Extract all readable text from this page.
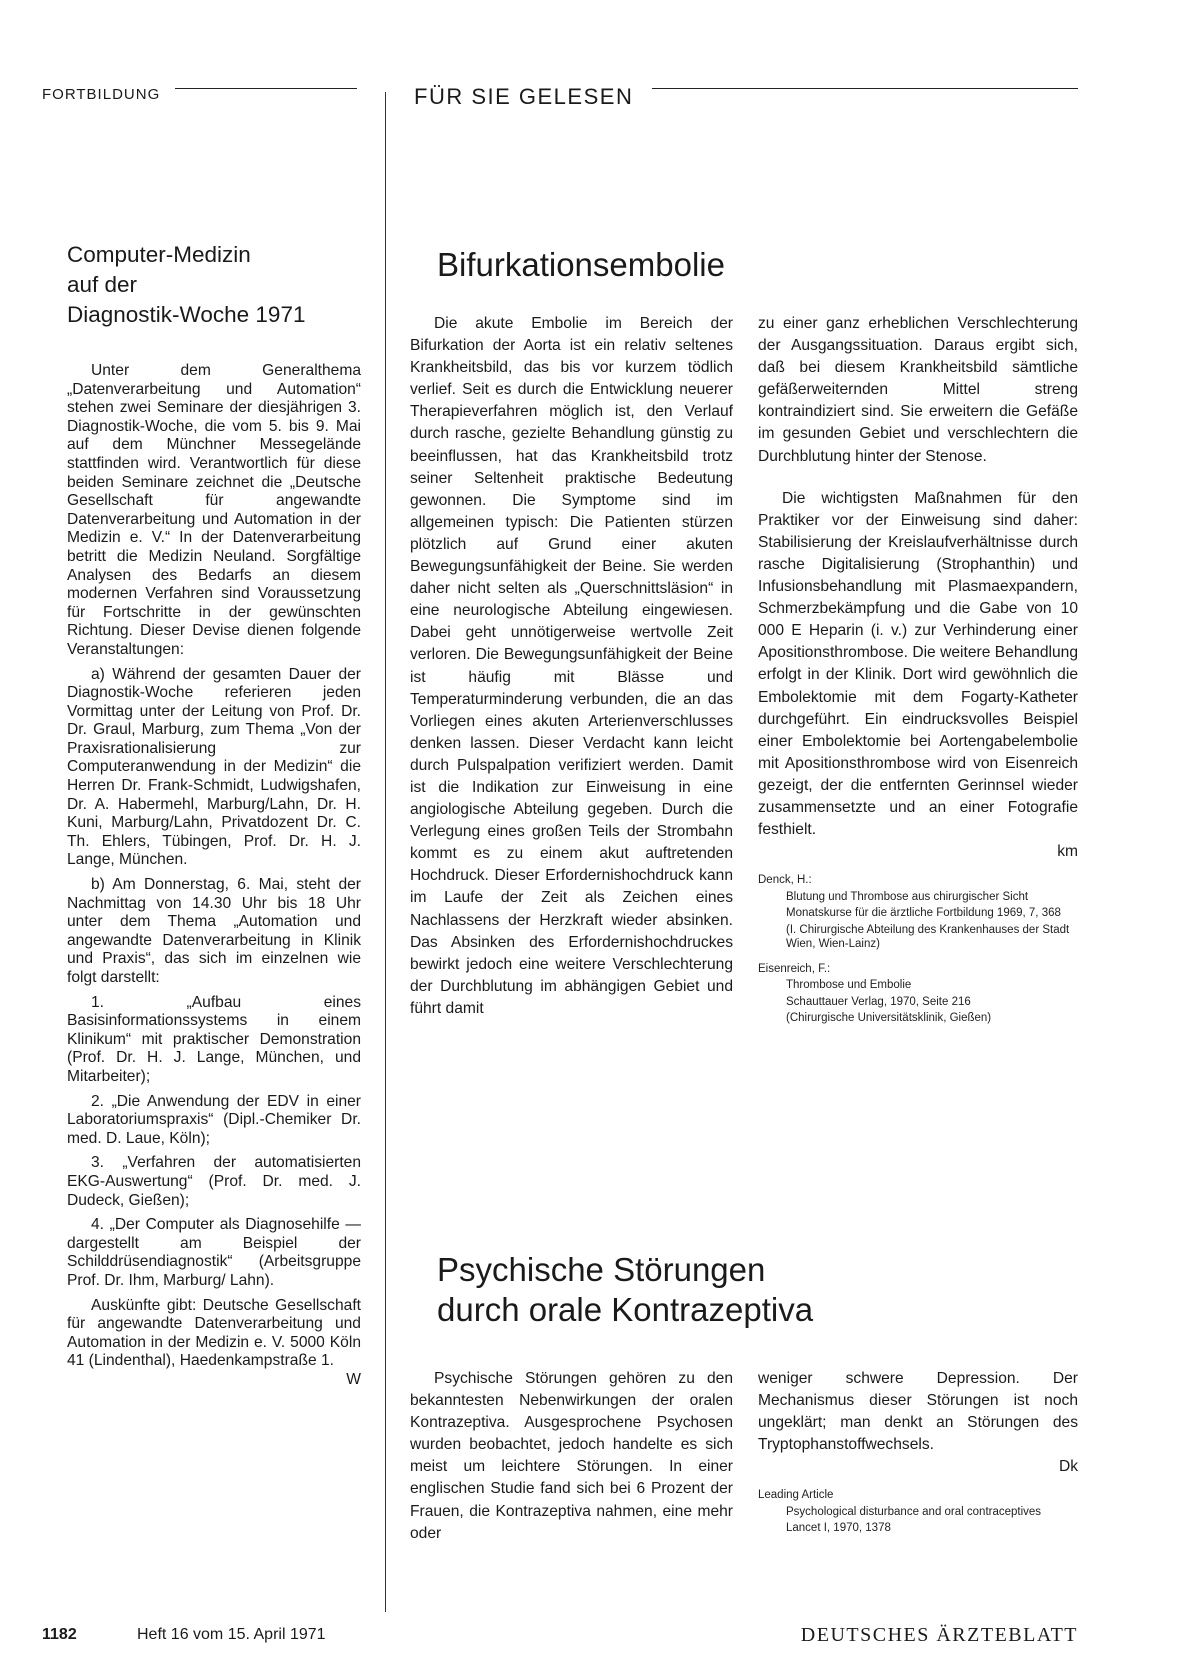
FORTBILDUNG	FÜR SIE GELESEN
Computer-Medizin
auf der
Diagnostik-Woche 1971

Unter dem Generalthema „Datenverarbeitung und Automation“ stehen zwei Seminare der diesjährigen 3. Diagnostik-Woche, die vom 5. bis 9. Mai auf dem Münchner Messegelände stattfinden wird. Verantwortlich für diese beiden Seminare zeichnet die „Deutsche Gesellschaft für angewandte Datenverarbeitung und Automation in der Medizin e. V.“ In der Datenverarbeitung betritt die Medizin Neuland. Sorgfältige Analysen des Bedarfs an diesem modernen Verfahren sind Voraussetzung für Fortschritte in der gewünschten Richtung. Dieser Devise dienen folgende Veranstaltungen:

a) Während der gesamten Dauer der Diagnostik-Woche referieren jeden Vormittag unter der Leitung von Prof. Dr. Dr. Graul, Marburg, zum Thema „Von der Praxisrationalisierung zur Computeranwendung in der Medizin“ die Herren Dr. Frank-Schmidt, Ludwigshafen, Dr. A. Habermehl, Marburg/Lahn, Dr. H. Kuni, Marburg/Lahn, Privatdozent Dr. C. Th. Ehlers, Tübingen, Prof. Dr. H. J. Lange, München.

b) Am Donnerstag, 6. Mai, steht der Nachmittag von 14.30 Uhr bis 18 Uhr unter dem Thema „Automation und angewandte Datenverarbeitung in Klinik und Praxis“, das sich im einzelnen wie folgt darstellt:

1. „Aufbau eines Basisinformationssystems in einem Klinikum“ mit praktischer Demonstration (Prof. Dr. H. J. Lange, München, und Mitarbeiter);

2. „Die Anwendung der EDV in einer Laboratoriumspraxis“ (Dipl.-Chemiker Dr. med. D. Laue, Köln);

3. „Verfahren der automatisierten EKG-Auswertung“ (Prof. Dr. med. J. Dudeck, Gießen);

4. „Der Computer als Diagnosehilfe — dargestellt am Beispiel der Schilddrüsendiagnostik“ (Arbeitsgruppe Prof. Dr. Ihm, Marburg/ Lahn).

Auskünfte gibt: Deutsche Gesellschaft für angewandte Datenverarbeitung und Automation in der Medizin e. V. 5000 Köln 41 (Lindenthal), Haedenkampstraße 1.

W
Bifurkationsembolie

Die akute Embolie im Bereich der Bifurkation der Aorta ist ein relativ seltenes Krankheitsbild, das bis vor kurzem tödlich verlief. Seit es durch die Entwicklung neuerer Therapieverfahren möglich ist, den Verlauf durch rasche, gezielte Behandlung günstig zu beeinflussen, hat das Krankheitsbild trotz seiner Seltenheit praktische Bedeutung gewonnen. Die Symptome sind im allgemeinen typisch: Die Patienten stürzen plötzlich auf Grund einer akuten Bewegungsunfähigkeit der Beine. Sie werden daher nicht selten als „Querschnittsläsion“ in eine neurologische Abteilung eingewiesen. Dabei geht unnötigerweise wertvolle Zeit verloren. Die Bewegungsunfähigkeit der Beine ist häufig mit Blässe und Temperaturminderung verbunden, die an das Vorliegen eines akuten Arterienverschlusses denken lassen. Dieser Verdacht kann leicht durch Pulspalpation verifiziert werden. Damit ist die Indikation zur Einweisung in eine angiologische Abteilung gegeben. Durch die Verlegung eines großen Teils der Strombahn kommt es zu einem akut auftretenden Hochdruck. Dieser Erfordernishochdruck kann im Laufe der Zeit als Zeichen eines Nachlassens der Herzkraft wieder absinken. Das Absinken des Erfordernishochdruckes bewirkt jedoch eine weitere Verschlechterung der Durchblutung im abhängigen Gebiet und führt damit

zu einer ganz erheblichen Verschlechterung der Ausgangssituation. Daraus ergibt sich, daß bei diesem Krankheitsbild sämtliche gefäßerweiternden Mittel streng kontraindiziert sind. Sie erweitern die Gefäße im gesunden Gebiet und verschlechtern die Durchblutung hinter der Stenose.

Die wichtigsten Maßnahmen für den Praktiker vor der Einweisung sind daher: Stabilisierung der Kreislaufverhältnisse durch rasche Digitalisierung (Strophanthin) und Infusionsbehandlung mit Plasmaexpandern, Schmerzbekämpfung und die Gabe von 10 000 E Heparin (i. v.) zur Verhinderung einer Apositionsthrombose. Die weitere Behandlung erfolgt in der Klinik. Dort wird gewöhnlich die Embolektomie mit dem Fogarty-Katheter durchgeführt. Ein eindrucksvolles Beispiel einer Embolektomie bei Aortengabelembolie mit Apositionsthrombose wird von Eisenreich gezeigt, der die entfernten Gerinnsel wieder zusammensetzte und an einer Fotografie festhielt.

km
Denck, H.:
Blutung und Thrombose aus chirurgischer Sicht
Monatskurse für die ärztliche Fortbildung 1969, 7, 368
(I. Chirurgische Abteilung des Krankenhauses der Stadt Wien, Wien-Lainz)
Eisenreich, F.:
Thrombose und Embolie
Schauttauer Verlag, 1970, Seite 216
(Chirurgische Universitätsklinik, Gießen)
Psychische Störungen
durch orale Kontrazeptiva

Psychische Störungen gehören zu den bekanntesten Nebenwirkungen der oralen Kontrazeptiva. Ausgesprochene Psychosen wurden beobachtet, jedoch handelte es sich meist um leichtere Störungen. In einer englischen Studie fand sich bei 6 Prozent der Frauen, die Kontrazeptiva nahmen, eine mehr oder

weniger schwere Depression. Der Mechanismus dieser Störungen ist noch ungeklärt; man denkt an Störungen des Tryptophanstoffwechsels.

Dk
Leading Article
Psychological disturbance and oral contraceptives
Lancet I, 1970, 1378
1182	Heft 16 vom 15. April 1971	DEUTSCHES ÄRZTEBLATT
